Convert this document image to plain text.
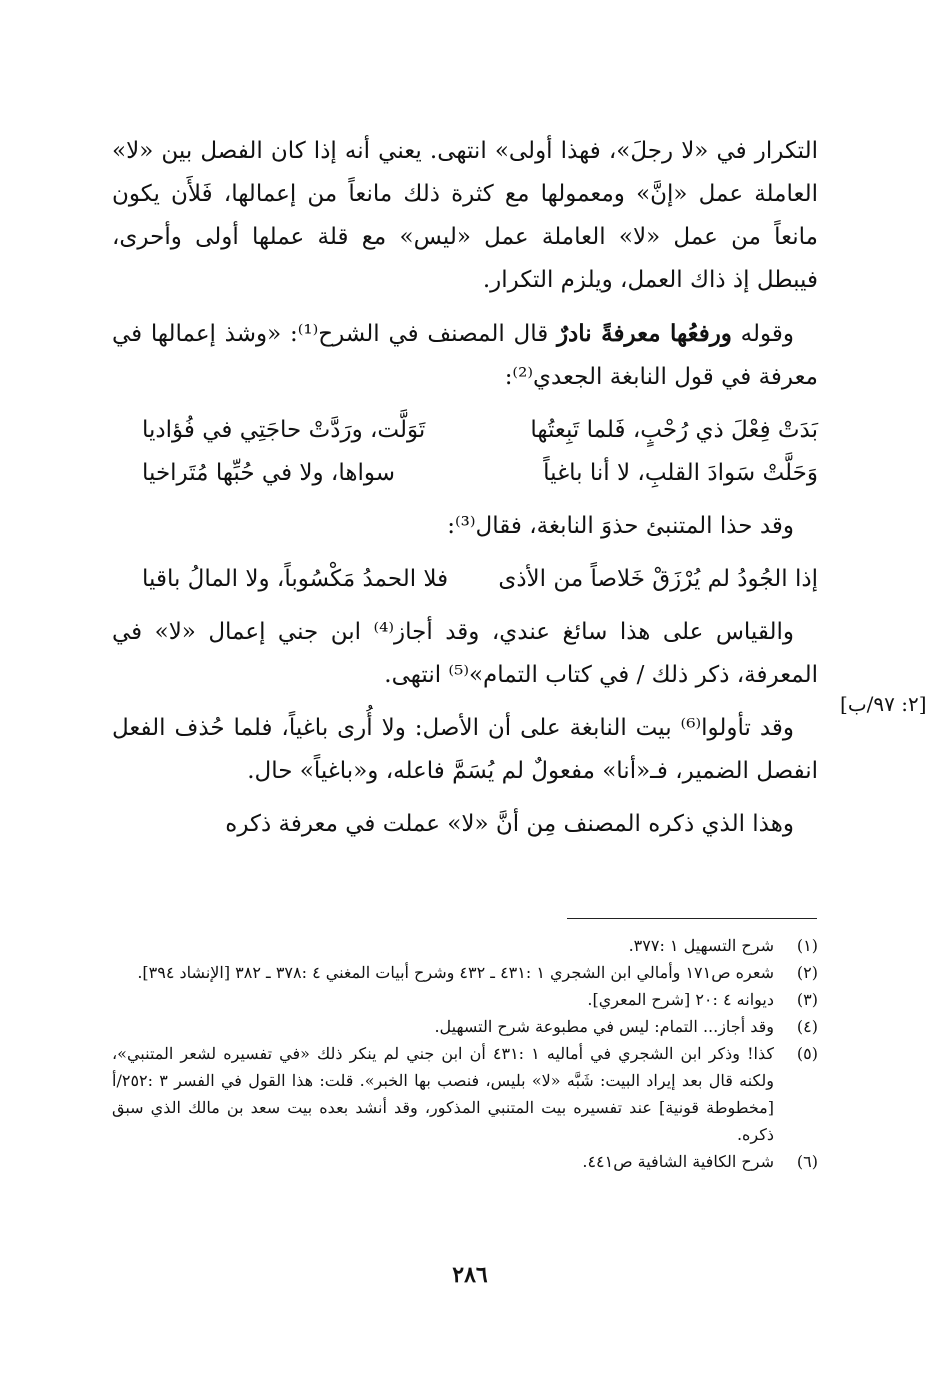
التكرار في «لا رجلَ»، فهذا أولى» انتهى. يعني أنه إذا كان الفصل بين «لا» العاملة عمل «إنَّ» ومعمولها مع كثرة ذلك مانعاً من إعمالها، فَلأَن يكون مانعاً من عمل «لا» العاملة عمل «ليس» مع قلة عملها أولى وأحرى، فيبطل إذ ذاك العمل، ويلزم التكرار.

وقوله ورفعُها معرفةً نادرٌ قال المصنف في الشرح⁽¹⁾: «وشذ إعمالها في معرفة في قول النابغة الجعدي⁽²⁾:

بَدَتْ فِعْلَ ذي رُحْبٍ، فَلما تَبِعتُها
تَوَلَّت، ورَدَّتْ حاجَتِي في فُؤاديا
وَحَلَّتْ سَوادَ القلبِ، لا أنا باغياً
سواها، ولا في حُبِّها مُتَراخيا

وقد حذا المتنبئ حذوَ النابغة، فقال⁽³⁾:

إذا الجُودُ لم يُرْزَقْ خَلاصاً من الأذى
فلا الحمدُ مَكْسُوباً، ولا المالُ باقيا

والقياس على هذا سائغ عندي، وقد أجاز⁽⁴⁾ ابن جني إعمال «لا» في المعرفة، ذكر ذلك / في كتاب التمام»⁽⁵⁾ انتهى.

وقد تأولوا⁽⁶⁾ بيت النابغة على أن الأصل: ولا أُرى باغياً، فلما حُذف الفعل انفصل الضمير، فـ«أنا» مفعولٌ لم يُسَمَّ فاعله، و«باغياً» حال.

وهذا الذي ذكره المصنف مِن أنَّ «لا» عملت في معرفة ذكره

[٢: ٩٧/ب]
(١)
شرح التسهيل ١ :٣٧٧.
(٢)
شعره ص١٧١ وأمالي ابن الشجري ١ :٤٣١ ـ ٤٣٢ وشرح أبيات المغني ٤ :٣٧٨ ـ ٣٨٢ [الإنشاد ٣٩٤].
(٣)
ديوانه ٤ :٢٠ [شرح المعري].
(٤)
وقد أجاز... التمام: ليس في مطبوعة شرح التسهيل.
(٥)
كذا! وذكر ابن الشجري في أماليه ١ :٤٣١ أن ابن جني لم ينكر ذلك «في تفسيره لشعر المتنبي»، ولكنه قال بعد إيراد البيت: شَبَّه «لا» بليس، فنصب بها الخبر». قلت: هذا القول في الفسر ٣ :٢٥٢/أ [مخطوطة قونية] عند تفسيره بيت المتنبي المذكور، وقد أنشد بعده بيت سعد بن مالك الذي سبق ذكره.
(٦)
شرح الكافية الشافية ص٤٤١.
٢٨٦
